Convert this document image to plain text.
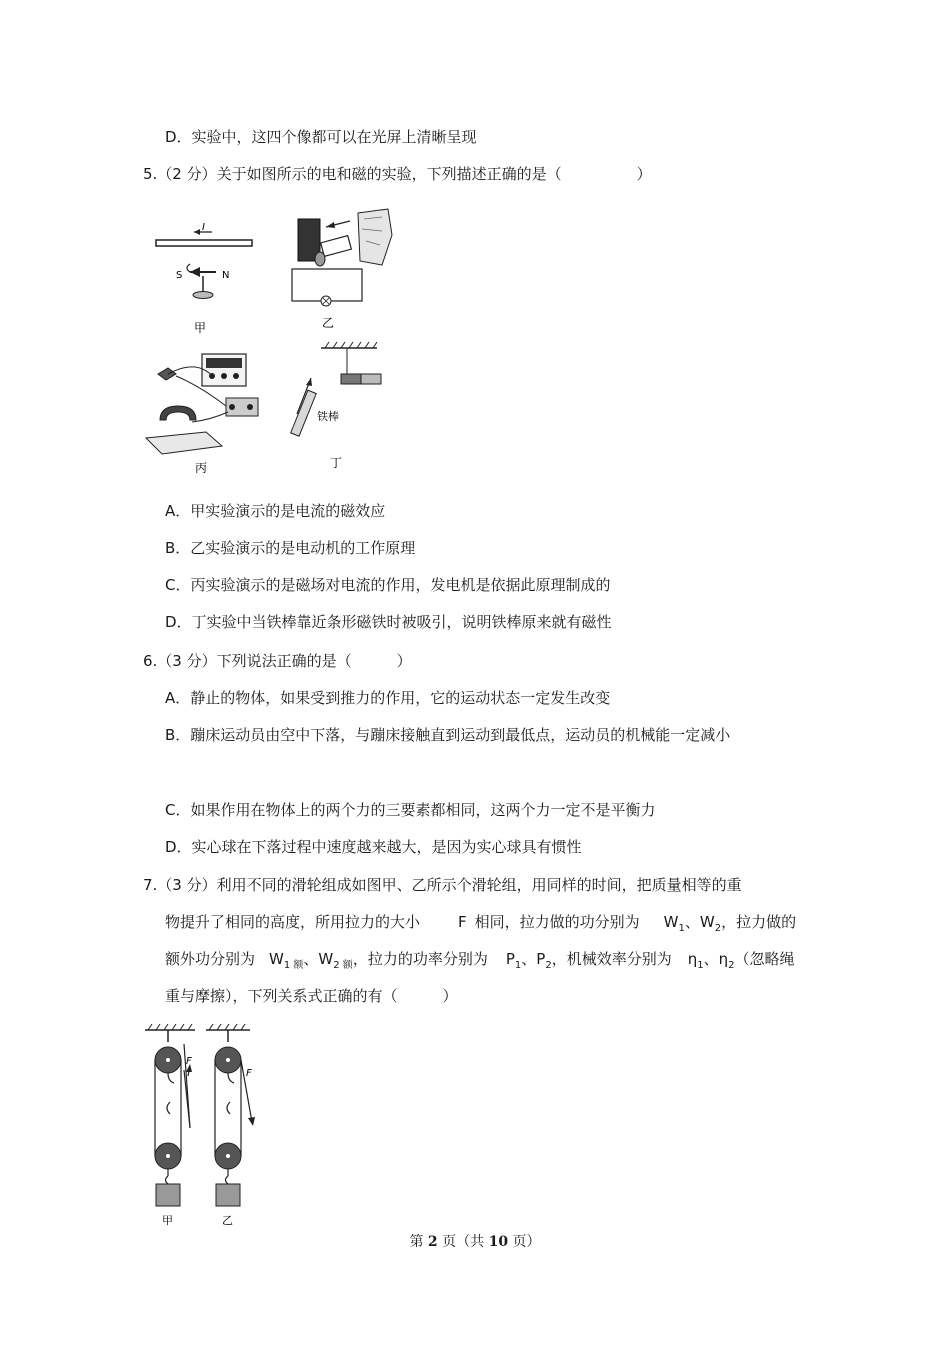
D．实验中，这四个像都可以在光屏上清晰呈现
5.（2 分）关于如图所示的电和磁的实验，下列描述正确的是（　　　　　）
I
S	N
甲	乙
丙
铁棒
丁
A．甲实验演示的是电流的磁效应
B．乙实验演示的是电动机的工作原理
C．丙实验演示的是磁场对电流的作用，发电机是依据此原理制成的
D．丁实验中当铁棒靠近条形磁铁时被吸引，说明铁棒原来就有磁性
6.（3 分）下列说法正确的是（　　　）
A．静止的物体，如果受到推力的作用，它的运动状态一定发生改变
B．蹦床运动员由空中下落，与蹦床接触直到运动到最低点，运动员的机械能一定减小
C．如果作用在物体上的两个力的三要素都相同，这两个力一定不是平衡力
D．实心球在下落过程中速度越来越大，是因为实心球具有惯性
7.（3 分）利用不同的滑轮组成如图甲、乙所示个滑轮组，用同样的时间，把质量相等的重
物提升了相同的高度，所用拉力的大小	F 相同，拉力做的功分别为 $W_1$、$W_2$，拉力做的
额外功分别为 $W_{1 额}$、$W_{2 额}$，拉力的功率分别为 $P_1$、$P_2$，机械效率分别为 $\eta_1$、$\eta_2$（忽略绳
重与摩擦），下列关系式正确的有（　　　）
F
甲
F
乙
第 2 页（共 10 页）
